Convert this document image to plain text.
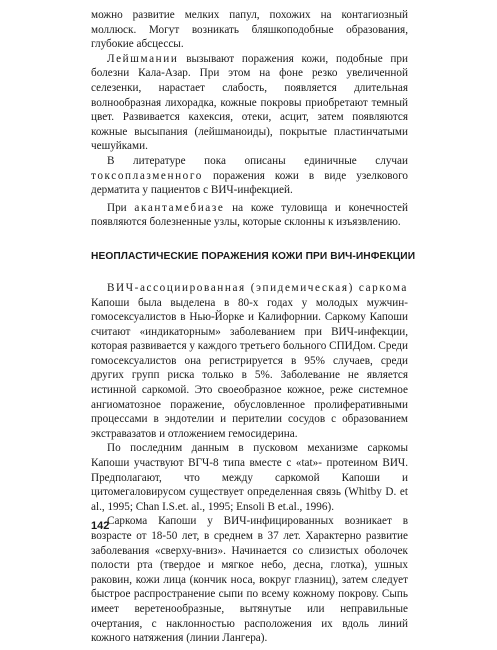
можно развитие мелких папул, похожих на контагиозный моллюск. Могут возникать бляшкоподобные образования, глубокие абсцессы.

Лейшмании вызывают поражения кожи, подобные при болезни Кала-Азар. При этом на фоне резко увеличенной селезенки, нарастает слабость, появляется длительная волнообразная лихорадка, кожные покровы приобретают темный цвет. Развивается кахексия, отеки, асцит, затем появляются кожные высыпания (лейшманоиды), покрытые пластинчатыми чешуйками.

В литературе пока описаны единичные случаи токсоплазменного поражения кожи в виде узелкового дерматита у пациентов с ВИЧ-инфекцией.

При акантамебиазе на коже туловища и конечностей появляются болезненные узлы, которые склонны к изъязвлению.

НЕОПЛАСТИЧЕСКИЕ ПОРАЖЕНИЯ КОЖИ ПРИ ВИЧ-ИНФЕКЦИИ

ВИЧ-ассоциированная (эпидемическая) саркома Капоши была выделена в 80-х годах у молодых мужчин-гомосексуалистов в Нью-Йорке и Калифорнии. Саркому Капоши считают «индикаторным» заболеванием при ВИЧ-инфекции, которая развивается у каждого третьего больного СПИДом. Среди гомосексуалистов она регистрируется в 95% случаев, среди других групп риска только в 5%. Заболевание не является истинной саркомой. Это своеобразное кожное, реже системное ангиоматозное поражение, обусловленное пролиферативными процессами в эндотелии и перителии сосудов с образованием экстравазатов и отложением гемосидерина.

По последним данным в пусковом механизме саркомы Капоши участвуют ВГЧ-8 типа вместе с «tat»- протеином ВИЧ. Предполагают, что между саркомой Капоши и цитомегаловирусом существует определенная связь (Whitby D. et al., 1995; Chan I.S.et. al., 1995; Ensoli B et.al., 1996).

Саркома Капоши у ВИЧ-инфицированных возникает в возрасте от 18-50 лет, в среднем в 37 лет. Характерно развитие заболевания «сверху-вниз». Начинается со слизистых оболочек полости рта (твердое и мягкое небо, десна, глотка), ушных раковин, кожи лица (кончик носа, вокруг глазниц), затем следует быстрое распространение сыпи по всему кожному покрову. Сыпь имеет веретенообразные, вытянутые или неправильные очертания, с наклонностью расположения их вдоль линий кожного натяжения (линии Лангера).

142
